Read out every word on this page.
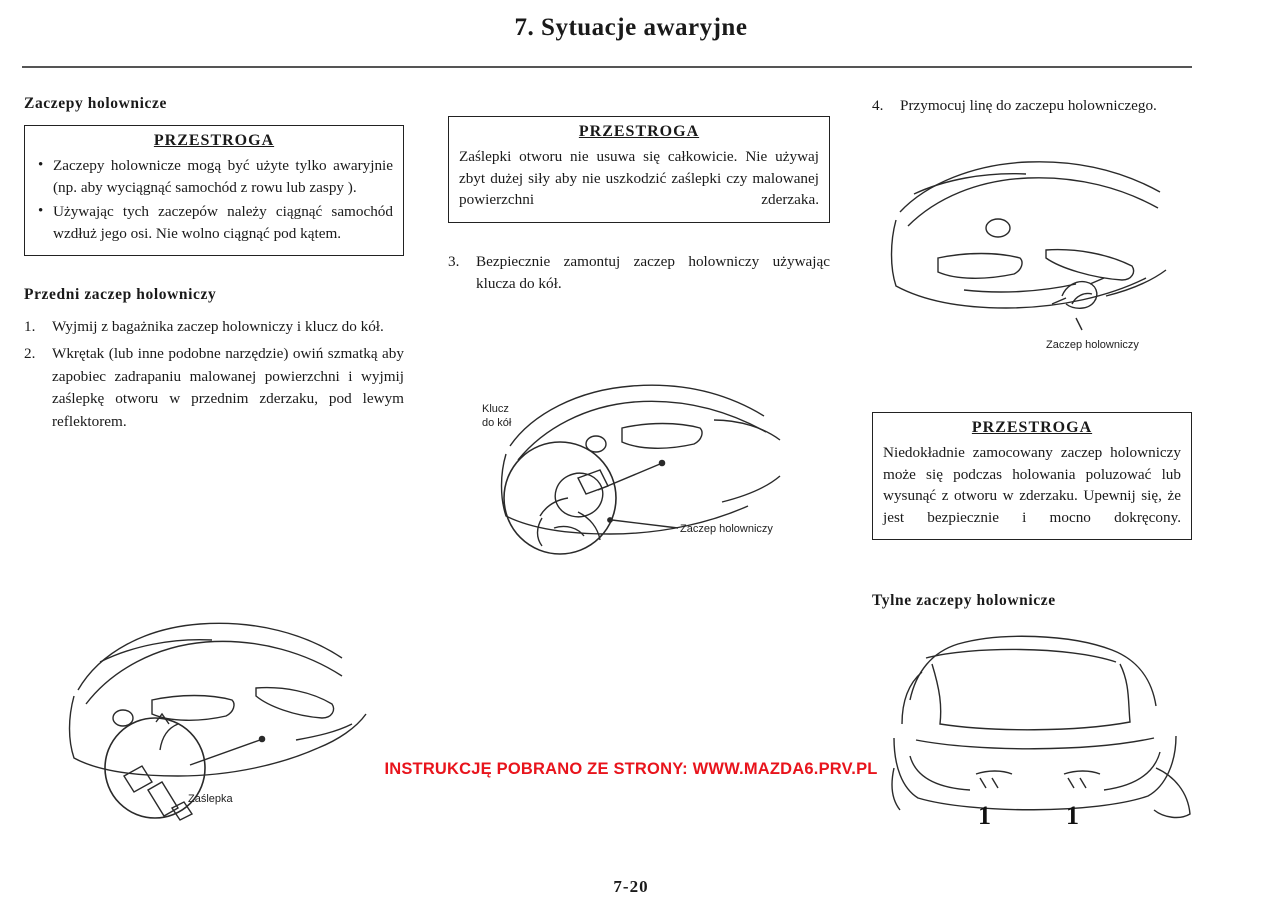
7. Sytuacje awaryjne
Zaczepy holownicze
PRZESTROGA
• Zaczepy holownicze mogą być użyte tylko awaryjnie (np. aby wyciągnąć samochód z rowu lub zaspy ).
• Używając tych zaczepów należy ciągnąć samochód wzdłuż jego osi. Nie wolno ciągnąć pod kątem.
Przedni zaczep holowniczy
1. Wyjmij z bagażnika zaczep holowniczy i klucz do kół.
2. Wkrętak (lub inne podobne narzędzie) owiń szmatką aby zapobiec zadrapaniu malowanej powierzchni i wyjmij zaślepkę otworu w przednim zderzaku, pod lewym reflektorem.
Zaślepka
PRZESTROGA

Zaślepki otworu nie usuwa się całkowicie. Nie używaj zbyt dużej siły aby nie uszkodzić zaślepki czy malowanej powierzchni zderzaka.

3. Bezpiecznie zamontuj zaczep holowniczy używając klucza do kół.
Klucz
do kół
Zaczep holowniczy
4. Przymocuj linę do zaczepu holowniczego.
Zaczep holowniczy
PRZESTROGA

Niedokładnie zamocowany zaczep holowniczy może się podczas holowania poluzować lub wysunąć z otworu w zderzaku. Upewnij się, że jest bezpiecznie i mocno dokręcony.

Tylne zaczepy holownicze
1	1
INSTRUKCJĘ POBRANO ZE STRONY: WWW.MAZDA6.PRV.PL
7-20
